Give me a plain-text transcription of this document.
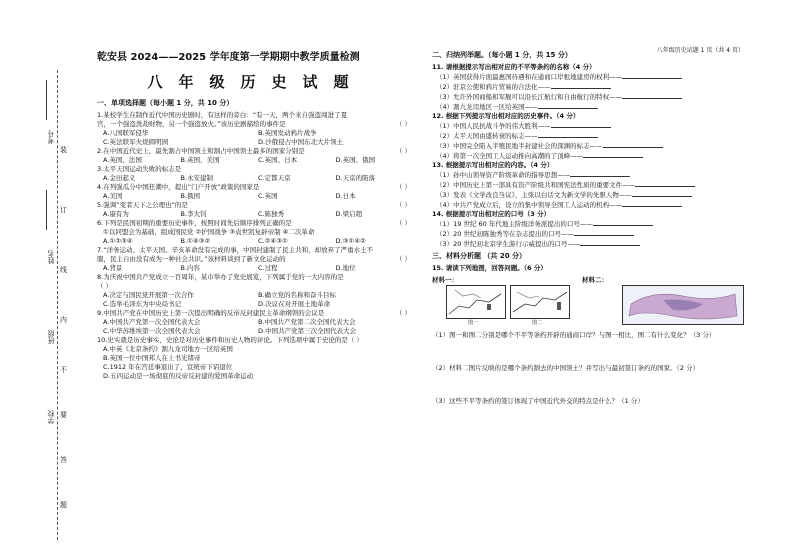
八年级历史试题 1 页（共 4 页）
考号
姓名
班级
学校
装
订
线
内
不
要
答
题
乾安县 2024——2025 学年度第一学期期中教学质量检测
八年级历史试题
一、单项选择题（每小题 1 分，共 10 分）
1.某校学生在制作近代中国历史剧时，有这样的旁白：“有一天，两个来自强盗闯进了夏
宫，一个强盗洗劫财物，另一个强盗放火。”该历史剧描绘的事件是	（ ）
A.八国联军侵华	B.英国发动鸦片战争
C.英法联军火烧圆明园	D.沙俄侵占中国东北大片领土
2.在中国近代史上，最先割占中国领土和割占中国领土最多的国家分别是	（ ）
A.英国、法国	B.英国、美国	C.英国、日本	D.英国、俄国
3.太平天国运动失败的标志是
A.金田起义	B.永安建制	C.定都天京	D.天京的陷落
4.在列强瓜分中国狂潮中，提出“门户开放”政策的国家是	（ ）
A.美国	B.俄国	C.英国	D.日本
5.强调“变者天下之公理也”的是	（ ）
A.康有为	B.李大钊	C.陈独秀	D.梁启超
6.下列是民国初期的重要历史事件，按照时间先后顺序排列正确的是	（ ）
①以同盟会为基础，组成国民党 ②护国战争 ③袁世凯复辟帝制 ④二次革命
A.①②③④	B.①④③②	C.②④③①	D.③①④②
7.“洋务运动、太平天国、辛亥革命没有完成的事，中国封建制了民主共和，却放弃了严重水土不
服，民主自由没有成为一种社会共识。”该材料谈到了新文化运动的	（ ）
A.背景	B.内容	C.过程	D.地位
8.为庆祝中国共产党成立一百周年，某市举办了党史展览，下列属于党的一大内容的是
（ ）
A.决定与国民党开展第一次合作	B.确立党的名称和奋斗目标
C.选举毛泽东为中央局书记	D.决议在对开展土地革命
9.中国共产党在中国历史上第一次提出明确的反帝反封建民主革命纲领的会议是	（ ）
A.中国共产党第一次全国代表大会	B.中国共产党第二次全国代表大会
C.中华苏维埃第一次全国代表大会	D.中国共产党第三次全国代表大会
10.史实就是历史事实，史论是对历史事件和历史人物的评论。下列选项中属于史论的是（ ）
A.中英《北京条约》割九龙司地方一区给英国
B.英国一位中国邦人在上书光绪帝
C.1912 年在宫廷事退出了，宣统帝下诏退位
D.五四运动是一场彻底的反帝反封建的爱国革命运动
二、归纳列举题。（每小题 1 分，共 15 分）
11. 请根据提示写出相对应的不平等条约的名称（4 分）
（1）英国获得片面最惠国待遇和在通商口岸租地建房的权利——
（2）驻京公使和鸦片贸易的合法化——
（3）允许外国商船和军舰可以沿长江航行和自由航行的特权——
（4）割九龙司地区一区给英国——
12. 根据下列提示写出相对应的历史事件。（4 分）
（1）中国人民抗战斗争的伟大胜利——
（2）太平天国由盛转衰的标志——
（3）中国完全陷入半殖民地半封建社会的深渊的标志——
（4）将第一次全国工人运动推向高潮的了顶峰——
13. 根据提示写出相对应的内容。（4 分）
（1）孙中山领导资产阶级革命的指导思想——
（2）中国历史上第一部具有资产阶级共和国宪法性质的重要文件——
（3）发表《文学改良刍议》，主张以白话文为新文学的先驱人物——
（4）中共产党成立后，设立的集中领导全国工人运动的机构——
14. 根据提示写出相对应的口号（3 分）
（1）19 世纪 60 年代地主阶级洋务派提出的口号——
（2）20 世纪初陈独秀等在杂志提出的口号——
（3）20 世纪初北京学生游行示威提出的口号——
三、材料分析题 （共 20 分）
15. 请读下列地图，回答问题。（6 分）
材料一：	材料二：
图一	图二
（1）图一和图二分别是哪个不平等条约开辟的通商口岸？与图一相比，图二有什么变化？（3 分）
（2）材料二图片反映的是哪个条约割去的中国领土？并写出与最初签订条约的国家。（2 分）
（3）这些不平等条约的签订体现了中国近代外交的特点是什么？（1 分）
